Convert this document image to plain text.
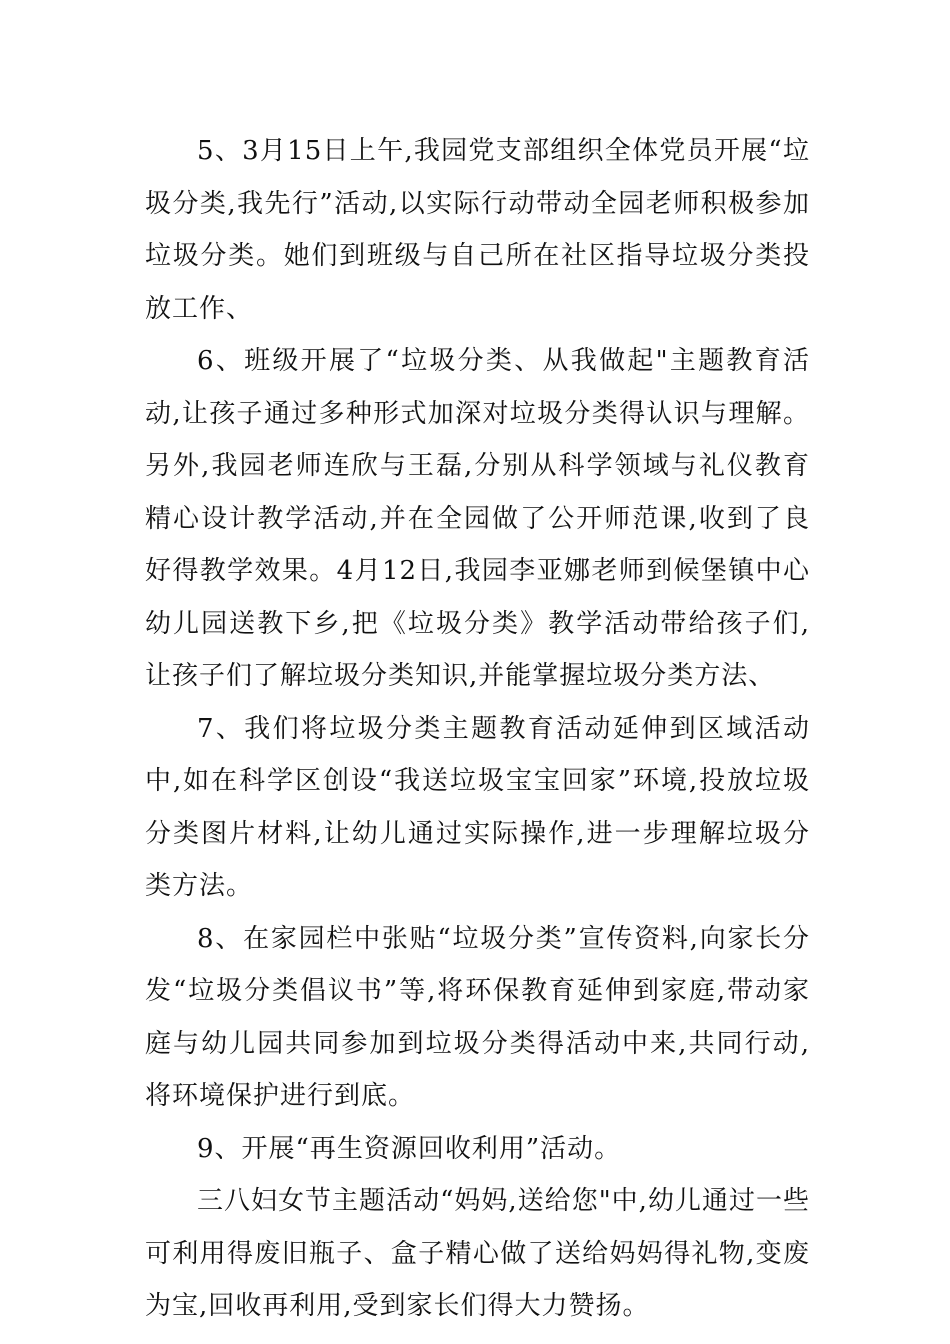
5、3月15日上午,我园党支部组织全体党员开展“垃圾分类,我先行”活动,以实际行动带动全园老师积极参加垃圾分类。她们到班级与自己所在社区指导垃圾分类投放工作、

6、班级开展了“垃圾分类、从我做起"主题教育活动,让孩子通过多种形式加深对垃圾分类得认识与理解。另外,我园老师连欣与王磊,分别从科学领域与礼仪教育精心设计教学活动,并在全园做了公开师范课,收到了良好得教学效果。4月12日,我园李亚娜老师到候堡镇中心幼儿园送教下乡,把《垃圾分类》教学活动带给孩子们,让孩子们了解垃圾分类知识,并能掌握垃圾分类方法、

7、我们将垃圾分类主题教育活动延伸到区域活动中,如在科学区创设“我送垃圾宝宝回家”环境,投放垃圾分类图片材料,让幼儿通过实际操作,进一步理解垃圾分类方法。

8、在家园栏中张贴“垃圾分类”宣传资料,向家长分发“垃圾分类倡议书”等,将环保教育延伸到家庭,带动家庭与幼儿园共同参加到垃圾分类得活动中来,共同行动,将环境保护进行到底。

9、开展“再生资源回收利用”活动。

三八妇女节主题活动“妈妈,送给您"中,幼儿通过一些可利用得废旧瓶子、盒子精心做了送给妈妈得礼物,变废为宝,回收再利用,受到家长们得大力赞扬。
